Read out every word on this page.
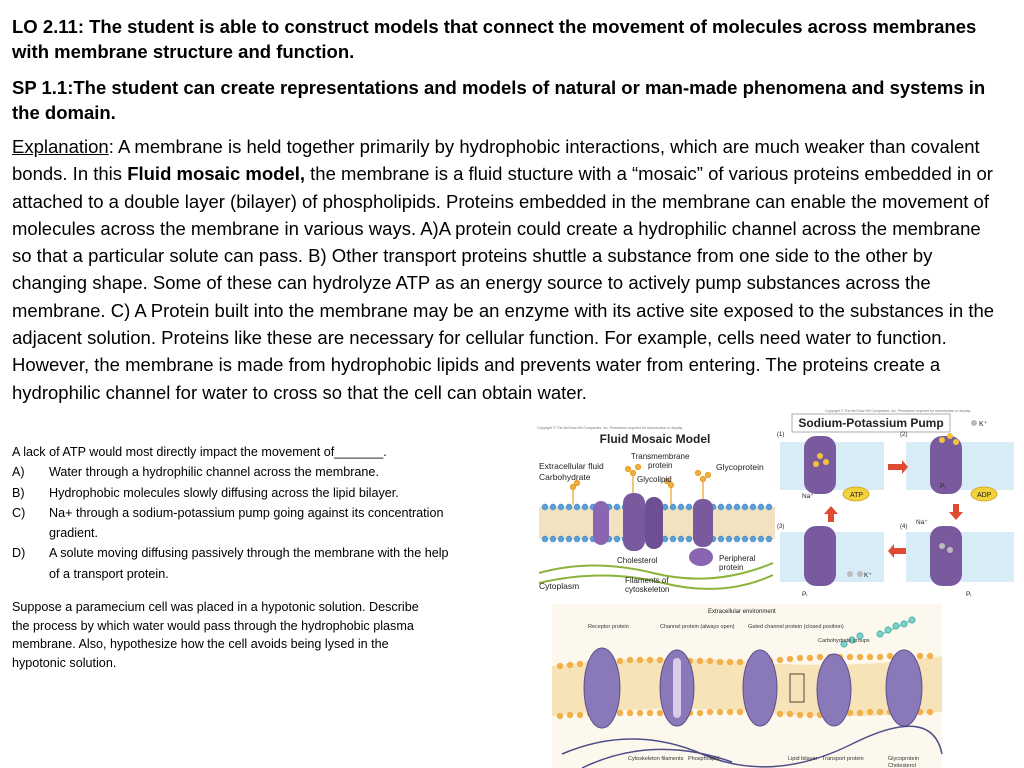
LO 2.11: The student is able to construct models that connect the movement of molecules across membranes with membrane structure and function.
SP 1.1:The student can create representations and models of natural or man-made phenomena and systems in the domain.
Explanation: A membrane is held together primarily by hydrophobic interactions, which are much weaker than covalent bonds. In this Fluid mosaic model, the membrane is a fluid stucture with a “mosaic” of various proteins embedded in or attached to a double layer (bilayer) of phospholipids. Proteins embedded in the membrane can enable the movement of molecules across the membrane in various ways. A)A protein could create a hydrophilic channel across the membrane so that a particular solute can pass. B) Other transport proteins shuttle a substance from one side to the other by changing shape. Some of these can hydrolyze ATP as an energy source to actively pump substances across the membrane. C) A Protein built into the membrane may be an enzyme with its active site exposed to the substances in the adjacent solution. Proteins like these are necessary for cellular function. For example, cells need water to function. However, the membrane is made from hydrophobic lipids and prevents water from entering. The proteins create a hydrophilic channel for water to cross so that the cell can obtain water.
A lack of ATP would most directly impact the movement of_______.
A)	Water through a hydrophilic channel across the membrane.
B)	Hydrophobic molecules slowly diffusing across the lipid bilayer.
C)	Na+ through a sodium-potassium pump going against its concentration gradient.
D)	A solute moving diffusing passively through the membrane with the help of a transport protein.
Suppose a paramecium cell was placed in a hypotonic solution. Describe the process by which water would pass through the hydrophobic plasma membrane. Also, hypothesize how the cell avoids being lysed in the hypotonic solution.
Copyright © The McGraw-Hill Companies, Inc. Permission required for reproduction or display.
Fluid Mosaic Model
Extracellular fluid
Carbohydrate
Transmembrane
protein	Glycoprotein
Glycolipid
Cholesterol	Peripheral
protein
Filaments of
cytoskeleton
Cytoplasm
Copyright © The McGraw-Hill Companies, Inc. Permission required for reproduction or display.
Sodium-Potassium Pump	K⁺
(1)
ATP
Na⁺
(2)
ADP
Pᵢ
(3)
K⁺
Pᵢ
(4)
Na⁺
Pᵢ
Extracellular environment
Receptor protein	Channel protein (always open) Gated channel protein (closed position)
Carbohydrate groups
Cytoskeleton filaments Phospholipid	Lipid bilayer Transport protein	Glycoprotein
Cholesterol
